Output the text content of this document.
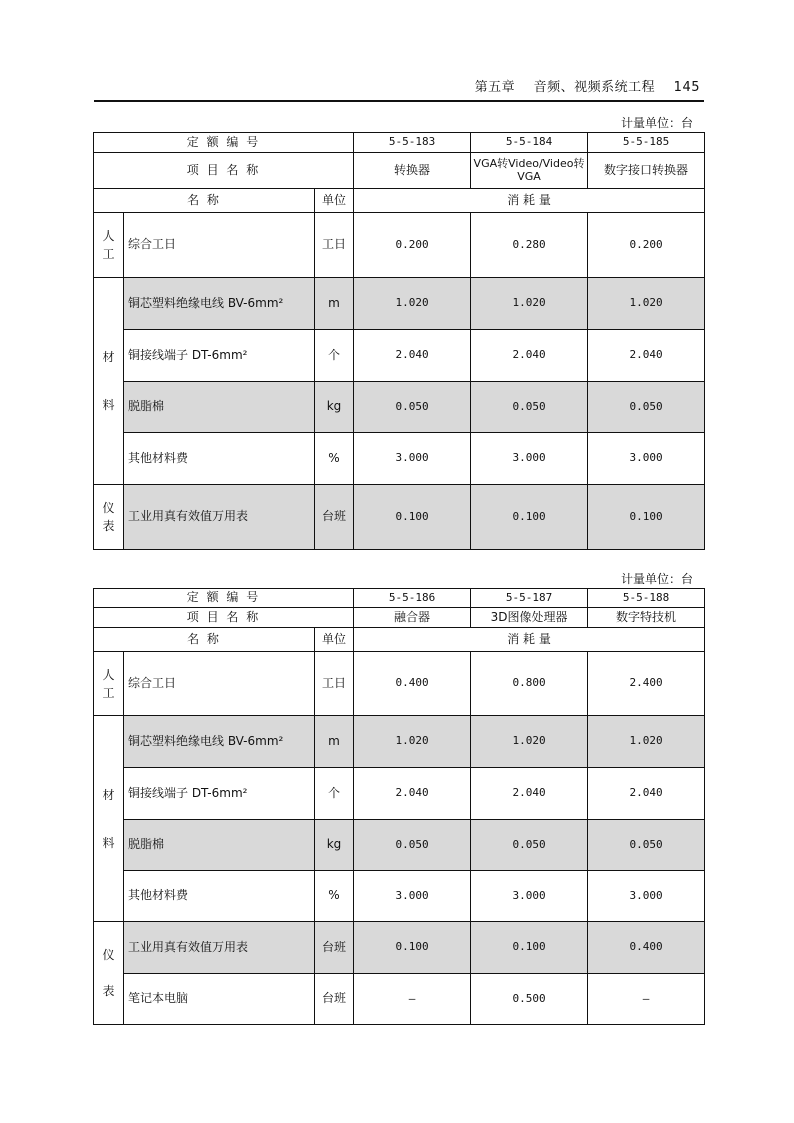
第五章 音频、视频系统工程 145
计量单位：台
定 额 编 号			5-5-183	5-5-184	5-5-185
项 目 名 称			转换器	VGA转Video/Video转VGA	数字接口转换器
名 称		单位	消 耗 量		
人
工	综合工日	工日	0.200	0.280	0.200
材
料	铜芯塑料绝缘电线 BV-6mm²	m	1.020	1.020	1.020
	铜接线端子 DT-6mm²	个	2.040	2.040	2.040
	脱脂棉	kg	0.050	0.050	0.050
	其他材料费	%	3.000	3.000	3.000
仪
表	工业用真有效值万用表	台班	0.100	0.100	0.100
计量单位：台
定 额 编 号			5-5-186	5-5-187	5-5-188
项 目 名 称			融合器	3D图像处理器	数字特技机
名 称		单位	消 耗 量		
人
工	综合工日	工日	0.400	0.800	2.400
材
料	铜芯塑料绝缘电线 BV-6mm²	m	1.020	1.020	1.020
	铜接线端子 DT-6mm²	个	2.040	2.040	2.040
	脱脂棉	kg	0.050	0.050	0.050
	其他材料费	%	3.000	3.000	3.000
仪
表	工业用真有效值万用表	台班	0.100	0.100	0.400
	笔记本电脑	台班	—	0.500	—
